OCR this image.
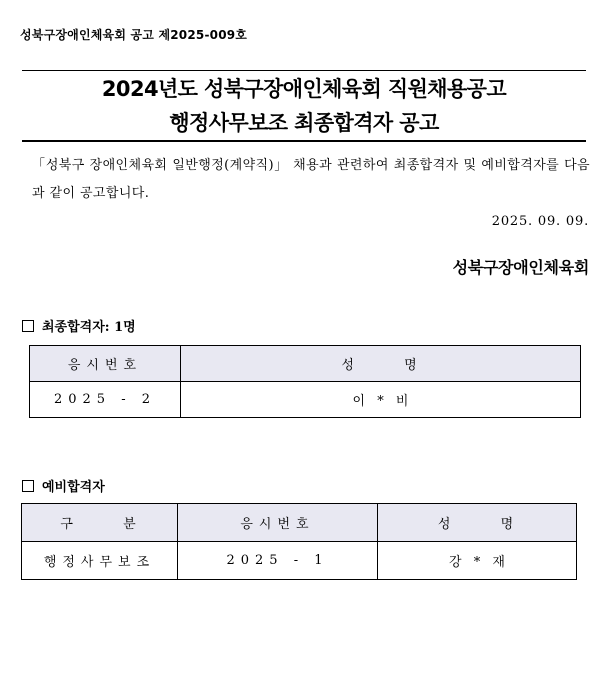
성북구장애인체육회 공고 제2025-009호
2024년도 성북구장애인체육회 직원채용공고
행정사무보조 최종합격자 공고
「성북구 장애인체육회 일반행정(계약직)」 채용과 관련하여 최종합격자 및 예비합격자를 다음과 같이 공고합니다.
2025. 09. 09.
성북구장애인체육회
최종합격자: 1명
응시번호	성 명
2025 - 2	이 * 비
예비합격자
구 분	응시번호	성 명
행정사무보조	2025 - 1	강 * 재
